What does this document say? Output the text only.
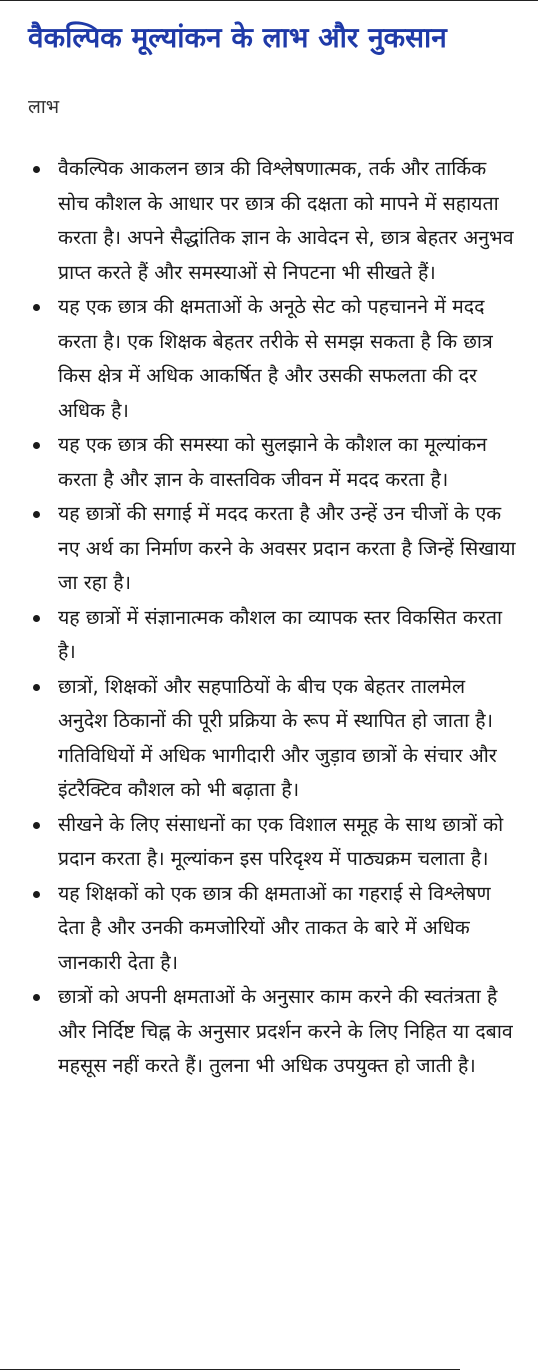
वैकल्पिक मूल्यांकन के लाभ और नुकसान
लाभ
वैकल्पिक आकलन छात्र की विश्लेषणात्मक, तर्क और तार्किक सोच कौशल के आधार पर छात्र की दक्षता को मापने में सहायता करता है। अपने सैद्धांतिक ज्ञान के आवेदन से, छात्र बेहतर अनुभव प्राप्त करते हैं और समस्याओं से निपटना भी सीखते हैं।
यह एक छात्र की क्षमताओं के अनूठे सेट को पहचानने में मदद करता है। एक शिक्षक बेहतर तरीके से समझ सकता है कि छात्र किस क्षेत्र में अधिक आकर्षित है और उसकी सफलता की दर अधिक है।
यह एक छात्र की समस्या को सुलझाने के कौशल का मूल्यांकन करता है और ज्ञान के वास्तविक जीवन में मदद करता है।
यह छात्रों की सगाई में मदद करता है और उन्हें उन चीजों के एक नए अर्थ का निर्माण करने के अवसर प्रदान करता है जिन्हें सिखाया जा रहा है।
यह छात्रों में संज्ञानात्मक कौशल का व्यापक स्तर विकसित करता है।
छात्रों, शिक्षकों और सहपाठियों के बीच एक बेहतर तालमेल अनुदेश ठिकानों की पूरी प्रक्रिया के रूप में स्थापित हो जाता है। गतिविधियों में अधिक भागीदारी और जुड़ाव छात्रों के संचार और इंटरैक्टिव कौशल को भी बढ़ाता है।
सीखने के लिए संसाधनों का एक विशाल समूह के साथ छात्रों को प्रदान करता है। मूल्यांकन इस परिदृश्य में पाठ्यक्रम चलाता है।
यह शिक्षकों को एक छात्र की क्षमताओं का गहराई से विश्लेषण देता है और उनकी कमजोरियों और ताकत के बारे में अधिक जानकारी देता है।
छात्रों को अपनी क्षमताओं के अनुसार काम करने की स्वतंत्रता है और निर्दिष्ट चिह्न के अनुसार प्रदर्शन करने के लिए निहित या दबाव महसूस नहीं करते हैं। तुलना भी अधिक उपयुक्त हो जाती है।
